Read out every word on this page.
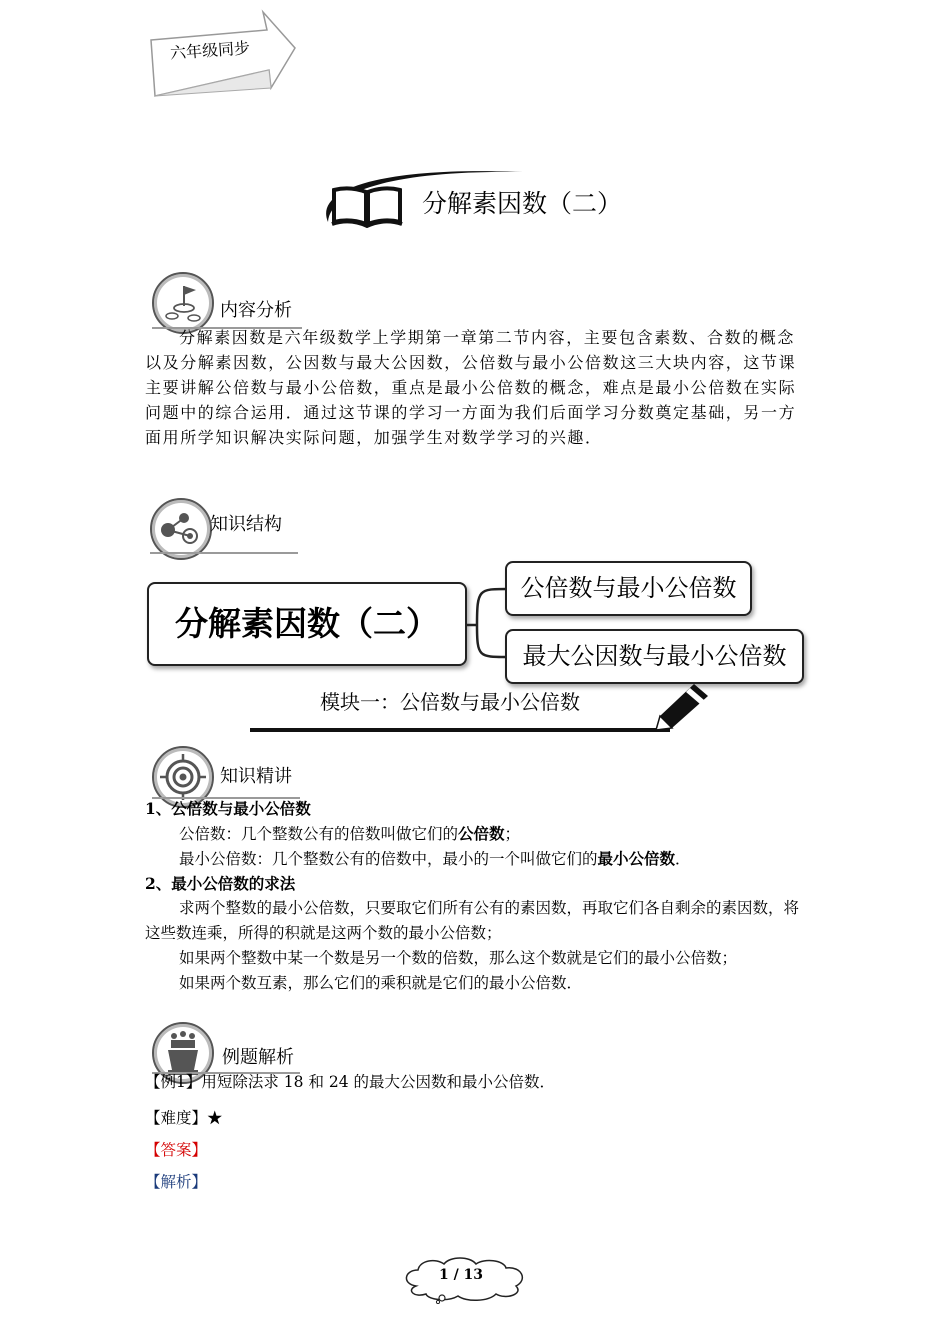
六年级同步
分解素因数（二）
内容分析
分解素因数是六年级数学上学期第一章第二节内容，主要包含素数、合数的概念以及分解素因数，公因数与最大公因数，公倍数与最小公倍数这三大块内容，这节课主要讲解公倍数与最小公倍数，重点是最小公倍数的概念，难点是最小公倍数在实际问题中的综合运用．通过这节课的学习一方面为我们后面学习分数奠定基础，另一方面用所学知识解决实际问题，加强学生对数学学习的兴趣．
知识结构
分解素因数（二）
公倍数与最小公倍数
最大公因数与最小公倍数
模块一：公倍数与最小公倍数
知识精讲
1、公倍数与最小公倍数
公倍数：几个整数公有的倍数叫做它们的公倍数；
最小公倍数：几个整数公有的倍数中，最小的一个叫做它们的最小公倍数．
2、最小公倍数的求法
求两个整数的最小公倍数，只要取它们所有公有的素因数，再取它们各自剩余的素因数，将这些数连乘，所得的积就是这两个数的最小公倍数；
如果两个整数中某一个数是另一个数的倍数，那么这个数就是它们的最小公倍数；
如果两个数互素，那么它们的乘积就是它们的最小公倍数．
例题解析
【例1】用短除法求 18 和 24 的最大公因数和最小公倍数．
【难度】★
【答案】
【解析】
1 / 13
